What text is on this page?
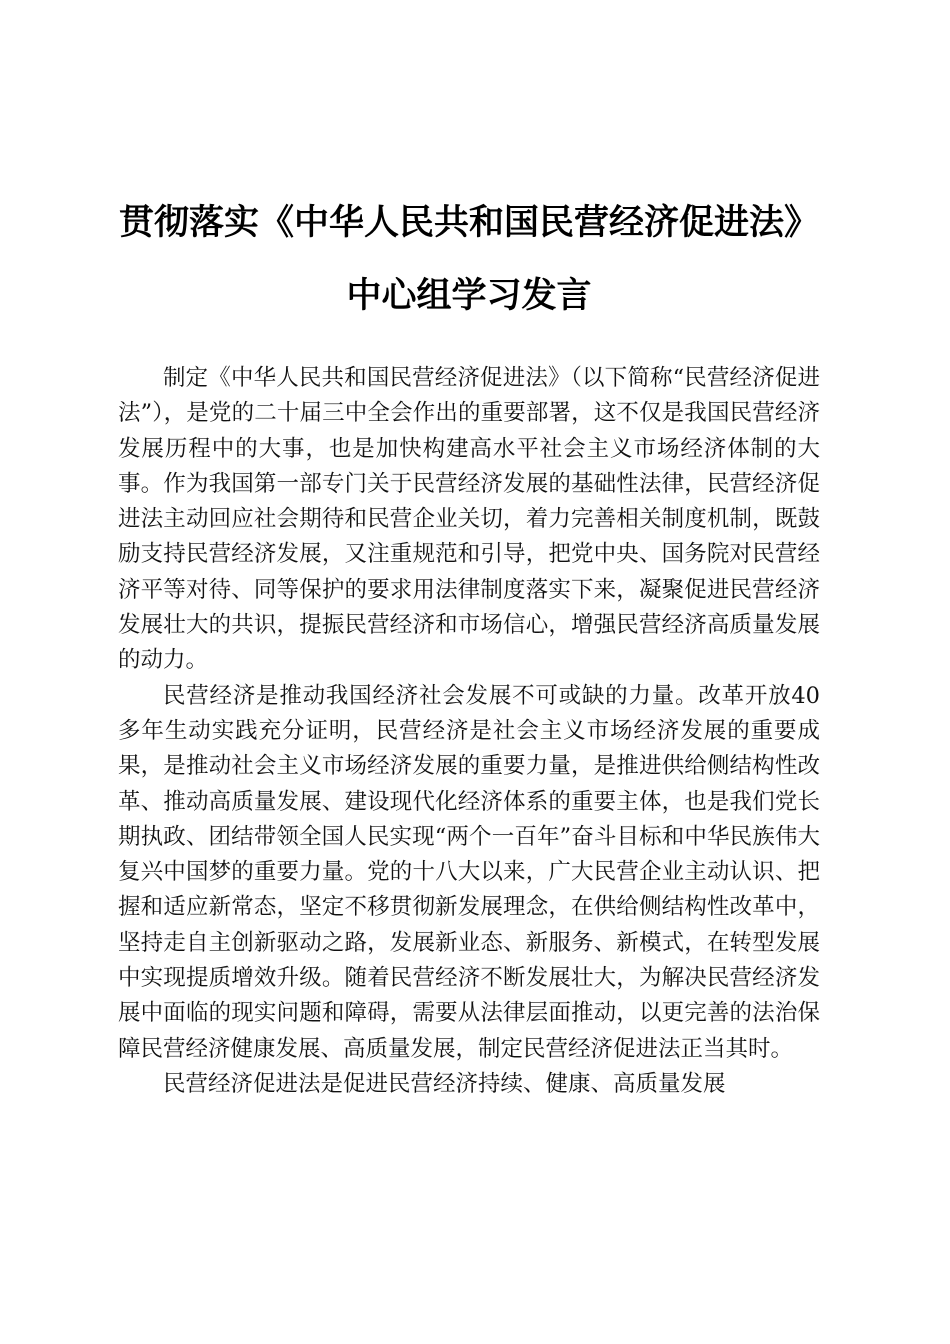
贯彻落实《中华人民共和国民营经济促进法》
中心组学习发言

制定《中华人民共和国民营经济促进法》（以下简称“民营经济促进法”），是党的二十届三中全会作出的重要部署，这不仅是我国民营经济发展历程中的大事，也是加快构建高水平社会主义市场经济体制的大事。作为我国第一部专门关于民营经济发展的基础性法律，民营经济促进法主动回应社会期待和民营企业关切，着力完善相关制度机制，既鼓励支持民营经济发展，又注重规范和引导，把党中央、国务院对民营经济平等对待、同等保护的要求用法律制度落实下来，凝聚促进民营经济发展壮大的共识，提振民营经济和市场信心，增强民营经济高质量发展的动力。

民营经济是推动我国经济社会发展不可或缺的力量。改革开放40多年生动实践充分证明，民营经济是社会主义市场经济发展的重要成果，是推动社会主义市场经济发展的重要力量，是推进供给侧结构性改革、推动高质量发展、建设现代化经济体系的重要主体，也是我们党长期执政、团结带领全国人民实现“两个一百年”奋斗目标和中华民族伟大复兴中国梦的重要力量。党的十八大以来，广大民营企业主动认识、把握和适应新常态，坚定不移贯彻新发展理念，在供给侧结构性改革中，坚持走自主创新驱动之路，发展新业态、新服务、新模式，在转型发展中实现提质增效升级。随着民营经济不断发展壮大，为解决民营经济发展中面临的现实问题和障碍，需要从法律层面推动，以更完善的法治保障民营经济健康发展、高质量发展，制定民营经济促进法正当其时。

民营经济促进法是促进民营经济持续、健康、高质量发展
